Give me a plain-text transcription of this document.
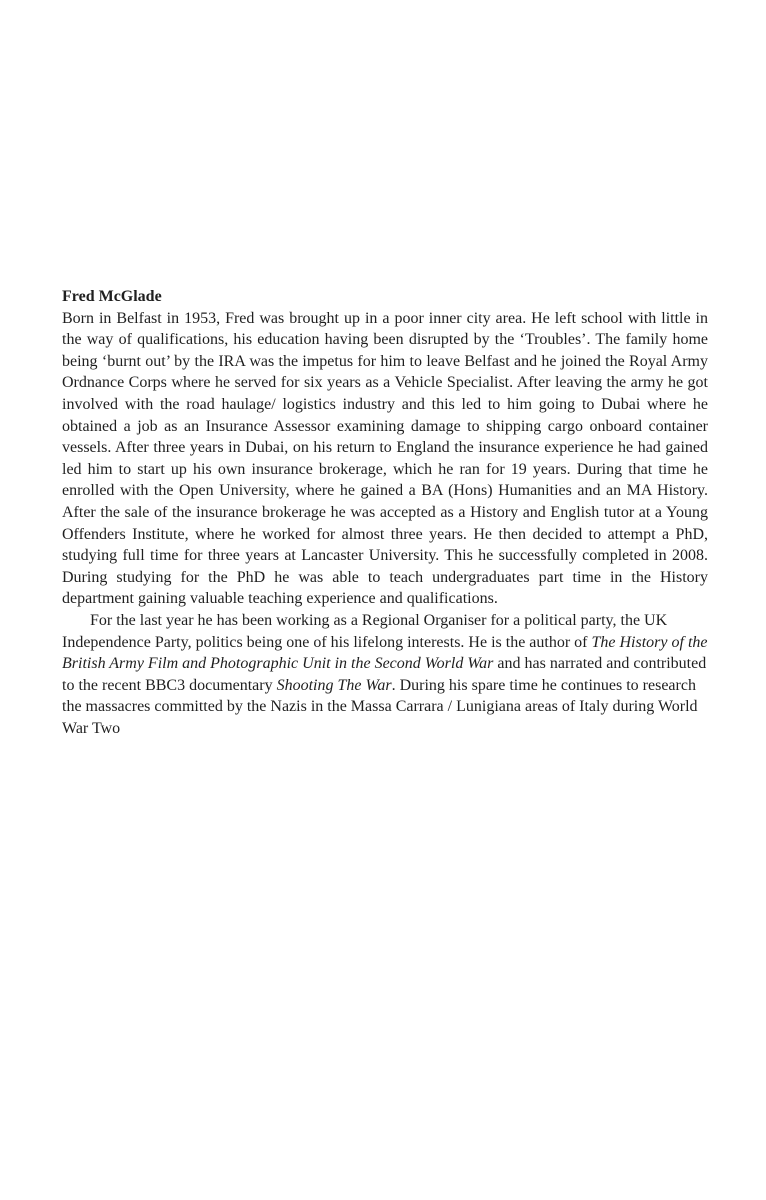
Fred McGlade

Born in Belfast in 1953, Fred was brought up in a poor inner city area. He left school with little in the way of qualifications, his education having been disrupted by the ‘Troubles’. The family home being ‘burnt out’ by the IRA was the impetus for him to leave Belfast and he joined the Royal Army Ordnance Corps where he served for six years as a Vehicle Specialist. After leaving the army he got involved with the road haulage/ logistics industry and this led to him going to Dubai where he obtained a job as an Insurance Assessor examining damage to shipping cargo onboard container vessels. After three years in Dubai, on his return to England the insurance experience he had gained led him to start up his own insurance brokerage, which he ran for 19 years. During that time he enrolled with the Open University, where he gained a BA (Hons) Humanities and an MA History. After the sale of the insurance brokerage he was accepted as a History and English tutor at a Young Offenders Institute, where he worked for almost three years. He then decided to attempt a PhD, studying full time for three years at Lancaster University. This he successfully completed in 2008. During studying for the PhD he was able to teach undergraduates part time in the History department gaining valuable teaching experience and qualifications.

For the last year he has been working as a Regional Organiser for a political party, the UK Independence Party, politics being one of his lifelong interests. He is the author of The History of the British Army Film and Photographic Unit in the Second World War and has narrated and contributed to the recent BBC3 documentary Shooting The War. During his spare time he continues to research the massacres committed by the Nazis in the Massa Carrara / Lunigiana areas of Italy during World War Two
